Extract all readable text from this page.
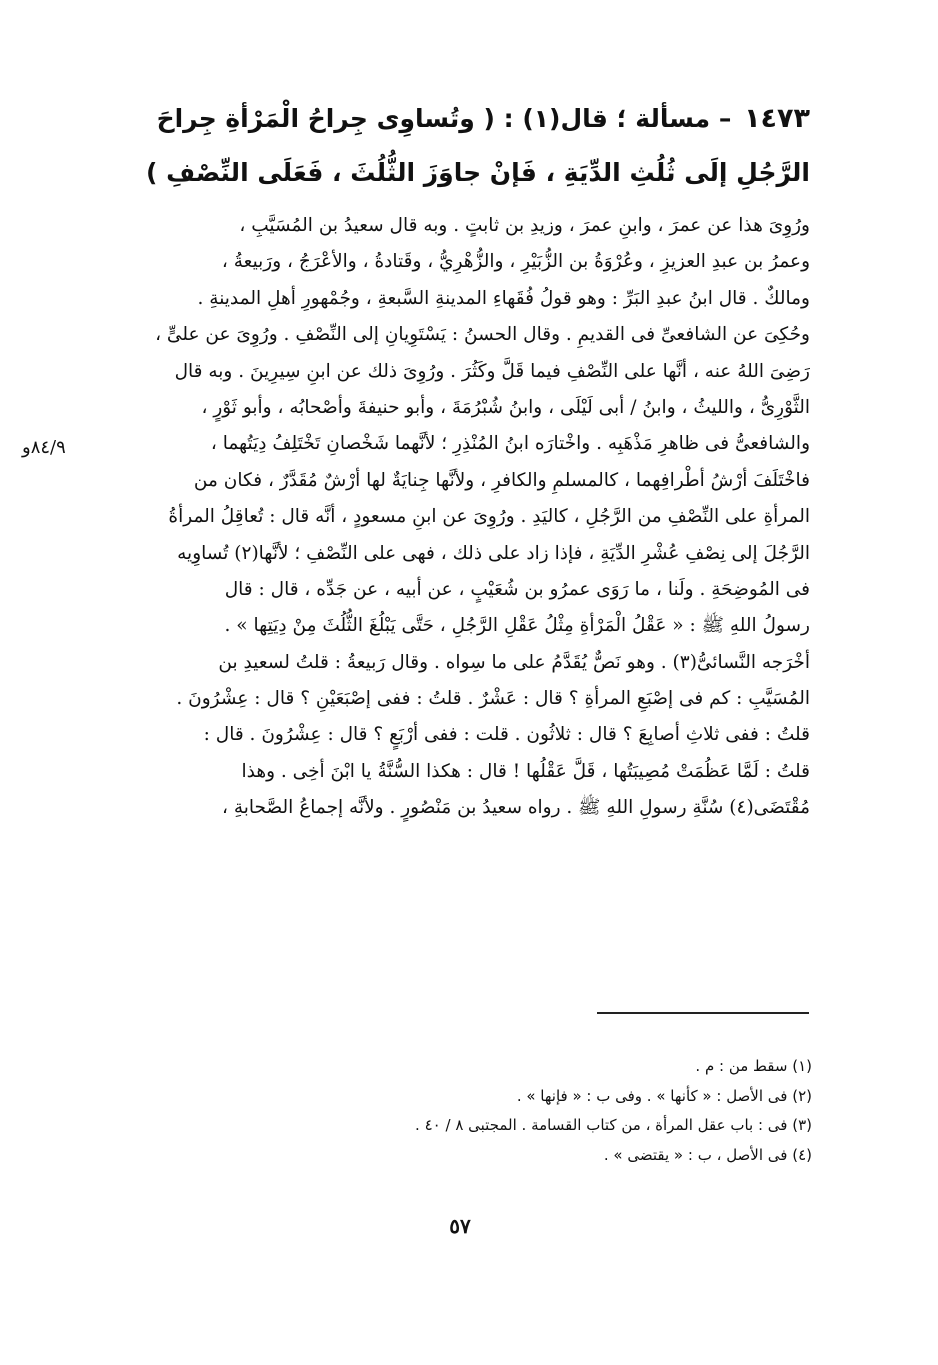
١٤٧٣ – مسألة ؛ قال(١) : ( وتُساوِى جِراحُ الْمَرْأةِ جِراحَ الرَّجُلِ إلَى ثُلُثِ الدِّيَةِ ، فَإنْ جاوَزَ الثُّلُثَ ، فَعَلَى النِّصْفِ )
٨٤/٩و
ورُوِىَ هذا عن عمرَ ، وابنِ عمرَ ، وزيدِ بن ثابتٍ . وبه قال سعيدُ بن المُسَيَّبِ ،
وعمرُ بن عبدِ العزيزِ ، وعُرْوَةُ بن الزُّبَيْرِ ، والزُّهْرِيُّ ، وقَتادةُ ، والأعْرَجُ ، ورَبيعةُ ،
ومالكٌ . قال ابنُ عبدِ البَرِّ : وهو قولُ فُقَهاءِ المدينةِ السَّبعةِ ، وجُمْهورِ أهلِ المدينةِ .
وحُكِىَ عن الشافعىِّ فى القديمِ . وقال الحسنُ : يَسْتَوِيانِ إلى النِّصْفِ . ورُوِىَ عن علىٍّ ،
رَضِىَ اللهُ عنه ، أنَّها على النِّصْفِ فيما قَلَّ وكَثُرَ . ورُوِىَ ذلك عن ابنِ سِيرِينَ . وبه قال
الثَّوْرِىُّ ، والليثُ ، وابنُ / أبى لَيْلَى ، وابنُ شُبْرُمَةَ ، وأبو حنيفةَ وأصْحابُه ، وأبو ثَوْرٍ ،
والشافعىُّ فى ظاهرِ مَذْهَبِه . واخْتارَه ابنُ المُنْذِرِ ؛ لأنَّهما شَخْصانِ تَخْتَلِفُ دِيَتُهما ،
فاخْتَلَفَ أرْشُ أطْرافِهما ، كالمسلمِ والكافرِ ، ولأنَّها جِنايَةٌ لها أرْشٌ مُقَدَّرٌ ، فكان من
المرأةِ على النِّصْفِ من الرَّجُلِ ، كاليَدِ . ورُوِىَ عن ابنِ مسعودٍ ، أنَّه قال : تُعاقِلُ المرأةُ
الرَّجُلَ إلى نِصْفِ عُشْرِ الدِّيَةِ ، فإذا زاد على ذلك ، فهى على النِّصْفِ ؛ لأنَّها(٢) تُساوِيه
فى المُوضِحَةِ . ولَنا ، ما رَوَى عمرُو بن شُعَيْبٍ ، عن أبيه ، عن جَدِّه ، قال : قال
رسولُ اللهِ ﷺ : « عَقْلُ الْمَرْأةِ مِثْلُ عَقْلِ الرَّجُلِ ، حَتَّى يَبْلُغَ الثُّلُثَ مِنْ دِيَتِها » .
أخْرَجه النَّسائىُّ(٣) . وهو نَصٌّ يُقَدَّمُ على ما سِواه . وقال رَبيعةُ : قلتُ لسعيدِ بن
المُسَيَّبِ : كم فى إصْبَعِ المرأةِ ؟ قال : عَشْرٌ . قلتُ : ففى إصْبَعَيْنِ ؟ قال : عِشْرُونَ .
قلتُ : ففى ثلاثِ أصابِعَ ؟ قال : ثلاثُون . قلت : ففى أرْبَعٍ ؟ قال : عِشْرُونَ . قال :
قلتُ : لَمَّا عَظُمَتْ مُصِيبَتُها ، قَلَّ عَقْلُها ! قال : هكذا السُّنَّةُ يا ابْنَ أخِى . وهذا
مُقْتَضَى(٤) سُنَّةِ رسولِ اللهِ ﷺ . رواه سعيدُ بن مَنْصُورٍ . ولأنَّه إجماعُ الصَّحابةِ ،
(١) سقط من : م .
(٢) فى الأصل : « كأنها » . وفى ب : « فإنها » .
(٣) فى : باب عقل المرأة ، من كتاب القسامة . المجتبى ٨ / ٤٠ .
(٤) فى الأصل ، ب : « يقتضى » .
٥٧
